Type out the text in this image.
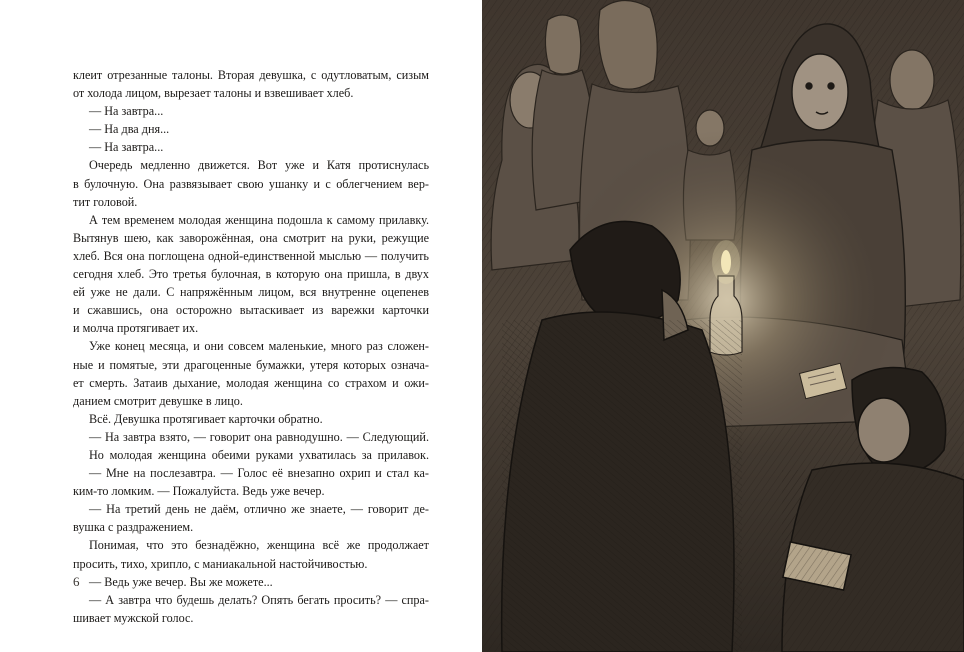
клеит отрезанные талоны. Вторая девушка, с одутловатым, сизым
от холода лицом, вырезает талоны и взвешивает хлеб.
— На завтра...
— На два дня...
— На завтра...
Очередь медленно движется. Вот уже и Катя протиснулась
в булочную. Она развязывает свою ушанку и с облегчением вер-
тит головой.
А тем временем молодая женщина подошла к самому прилавку.
Вытянув шею, как заворожённая, она смотрит на руки, режущие
хлеб. Вся она поглощена одной-единственной мыслью — получить
сегодня хлеб. Это третья булочная, в которую она пришла, в двух
ей уже не дали. С напряжённым лицом, вся внутренне оцепенев
и сжавшись, она осторожно вытаскивает из варежки карточки
и молча протягивает их.
Уже конец месяца, и они совсем маленькие, много раз сложен-
ные и помятые, эти драгоценные бумажки, утеря которых означа-
ет смерть. Затаив дыхание, молодая женщина со страхом и ожи-
данием смотрит девушке в лицо.
Всё. Девушка протягивает карточки обратно.
— На завтра взято, — говорит она равнодушно. — Следующий.
Но молодая женщина обеими руками ухватилась за прилавок.
— Мне на послезавтра. — Голос её внезапно охрип и стал ка-
ким-то ломким. — Пожалуйста. Ведь уже вечер.
— На третий день не даём, отлично же знаете, — говорит де-
вушка с раздражением.
Понимая, что это безнадёжно, женщина всё же продолжает
просить, тихо, хрипло, с маниакальной настойчивостью.
— Ведь уже вечер. Вы же можете...
— А завтра что будешь делать? Опять бегать просить? — спра-
шивает мужской голос.
6
